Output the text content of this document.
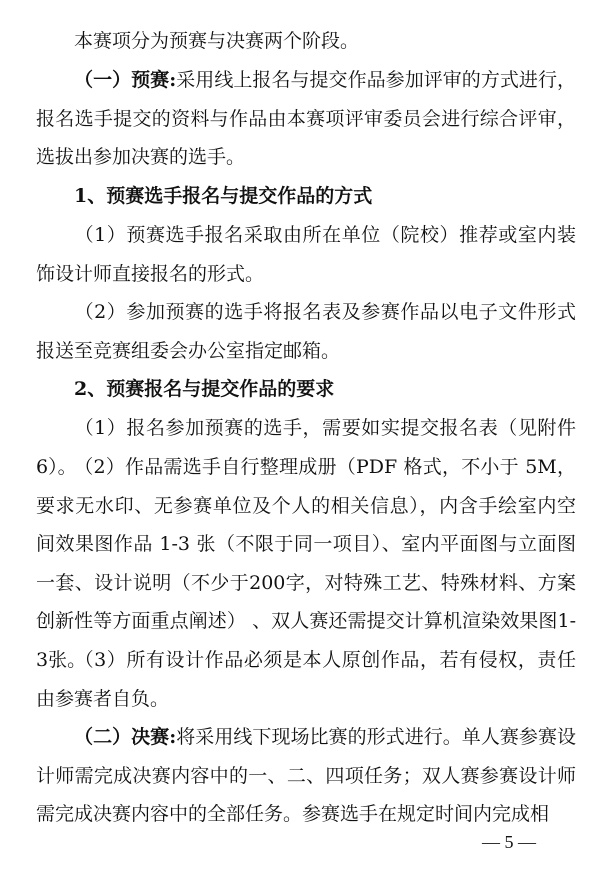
本赛项分为预赛与决赛两个阶段。

（一）预赛:采用线上报名与提交作品参加评审的方式进行，报名选手提交的资料与作品由本赛项评审委员会进行综合评审，选拔出参加决赛的选手。

1、预赛选手报名与提交作品的方式

（1）预赛选手报名采取由所在单位（院校）推荐或室内装饰设计师直接报名的形式。

（2）参加预赛的选手将报名表及参赛作品以电子文件形式报送至竞赛组委会办公室指定邮箱。

2、预赛报名与提交作品的要求

（1）报名参加预赛的选手，需要如实提交报名表（见附件6）。

（2）作品需选手自行整理成册（PDF 格式，不小于 5M，要求无水印、无参赛单位及个人的相关信息），内含手绘室内空间效果图作品 1-3 张（不限于同一项目）、室内平面图与立面图一套、设计说明（不少于200字，对特殊工艺、特殊材料、方案创新性等方面重点阐述） 、双人赛还需提交计算机渲染效果图1-3张。

（3）所有设计作品必须是本人原创作品，若有侵权，责任由参赛者自负。

（二）决赛:将采用线下现场比赛的形式进行。单人赛参赛设计师需完成决赛内容中的一、二、四项任务；双人赛参赛设计师需完成决赛内容中的全部任务。参赛选手在规定时间内完成相

— 5 —
